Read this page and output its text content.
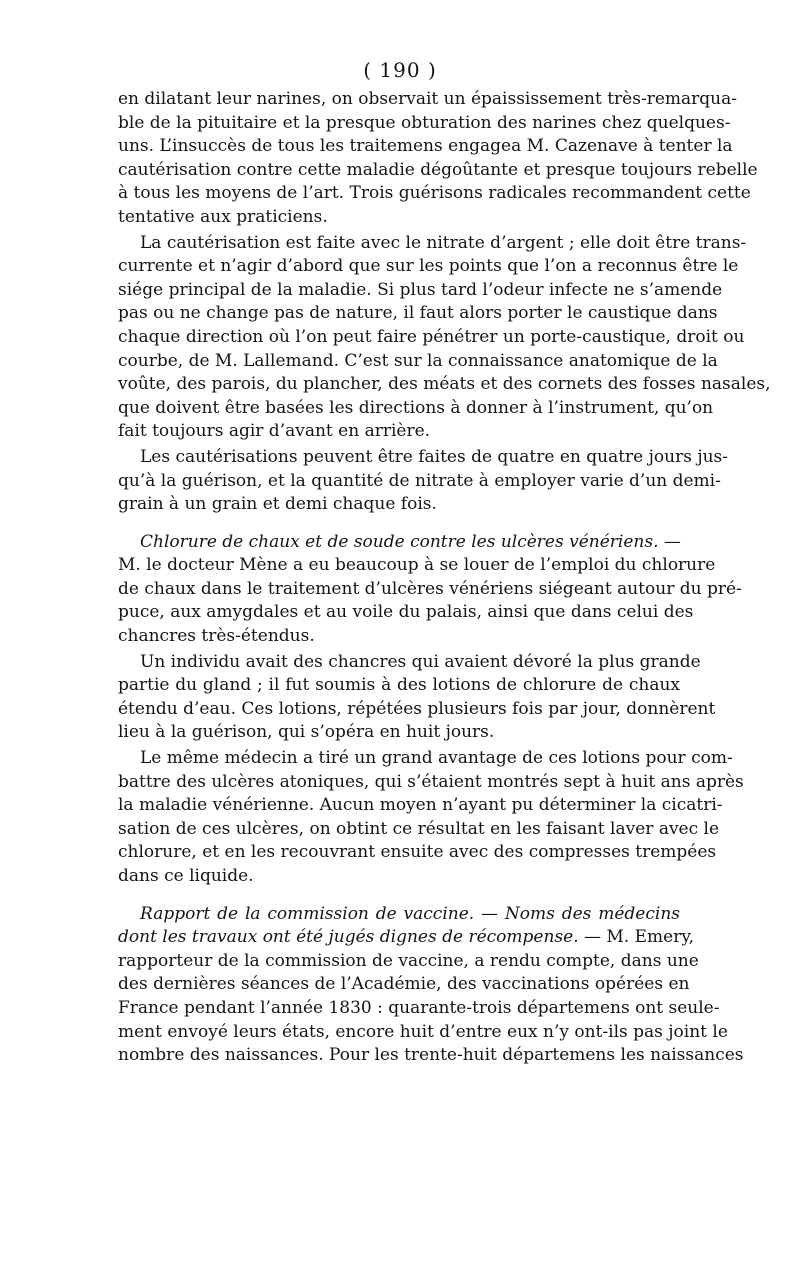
( 190 )
en dilatant leur narines, on observait un épaississement très-remarqua-
ble de la pituitaire et la presque obturation des narines chez quelques-
uns. L’insuccès de tous les traitemens engagea M. Cazenave à tenter la
cautérisation contre cette maladie dégoûtante et presque toujours rebelle
à tous les moyens de l’art. Trois guérisons radicales recommandent cette
tentative aux praticiens.
La cautérisation est faite avec le nitrate d’argent ; elle doit être trans-
currente et n’agir d’abord que sur les points que l’on a reconnus être le
siége principal de la maladie. Si plus tard l’odeur infecte ne s’amende
pas ou ne change pas de nature, il faut alors porter le caustique dans
chaque direction où l’on peut faire pénétrer un porte-caustique, droit ou
courbe, de M. Lallemand. C’est sur la connaissance anatomique de la
voûte, des parois, du plancher, des méats et des cornets des fosses nasales,
que doivent être basées les directions à donner à l’instrument, qu’on
fait toujours agir d’avant en arrière.
Les cautérisations peuvent être faites de quatre en quatre jours jus-
qu’à la guérison, et la quantité de nitrate à employer varie d’un demi-
grain à un grain et demi chaque fois.
Chlorure de chaux et de soude contre les ulcères vénériens. —
M. le docteur Mène a eu beaucoup à se louer de l’emploi du chlorure
de chaux dans le traitement d’ulcères vénériens siégeant autour du pré-
puce, aux amygdales et au voile du palais, ainsi que dans celui des
chancres très-étendus.
Un individu avait des chancres qui avaient dévoré la plus grande
partie du gland ; il fut soumis à des lotions de chlorure de chaux
étendu d’eau. Ces lotions, répétées plusieurs fois par jour, donnèrent
lieu à la guérison, qui s’opéra en huit jours.
Le même médecin a tiré un grand avantage de ces lotions pour com-
battre des ulcères atoniques, qui s’étaient montrés sept à huit ans après
la maladie vénérienne. Aucun moyen n’ayant pu déterminer la cicatri-
sation de ces ulcères, on obtint ce résultat en les faisant laver avec le
chlorure, et en les recouvrant ensuite avec des compresses trempées
dans ce liquide.
Rapport de la commission de vaccine. — Noms des médecins
dont les travaux ont été jugés dignes de récompense. — M. Emery,
rapporteur de la commission de vaccine, a rendu compte, dans une
des dernières séances de l’Académie, des vaccinations opérées en
France pendant l’année 1830 : quarante-trois départemens ont seule-
ment envoyé leurs états, encore huit d’entre eux n’y ont-ils pas joint le
nombre des naissances. Pour les trente-huit départemens les naissances
